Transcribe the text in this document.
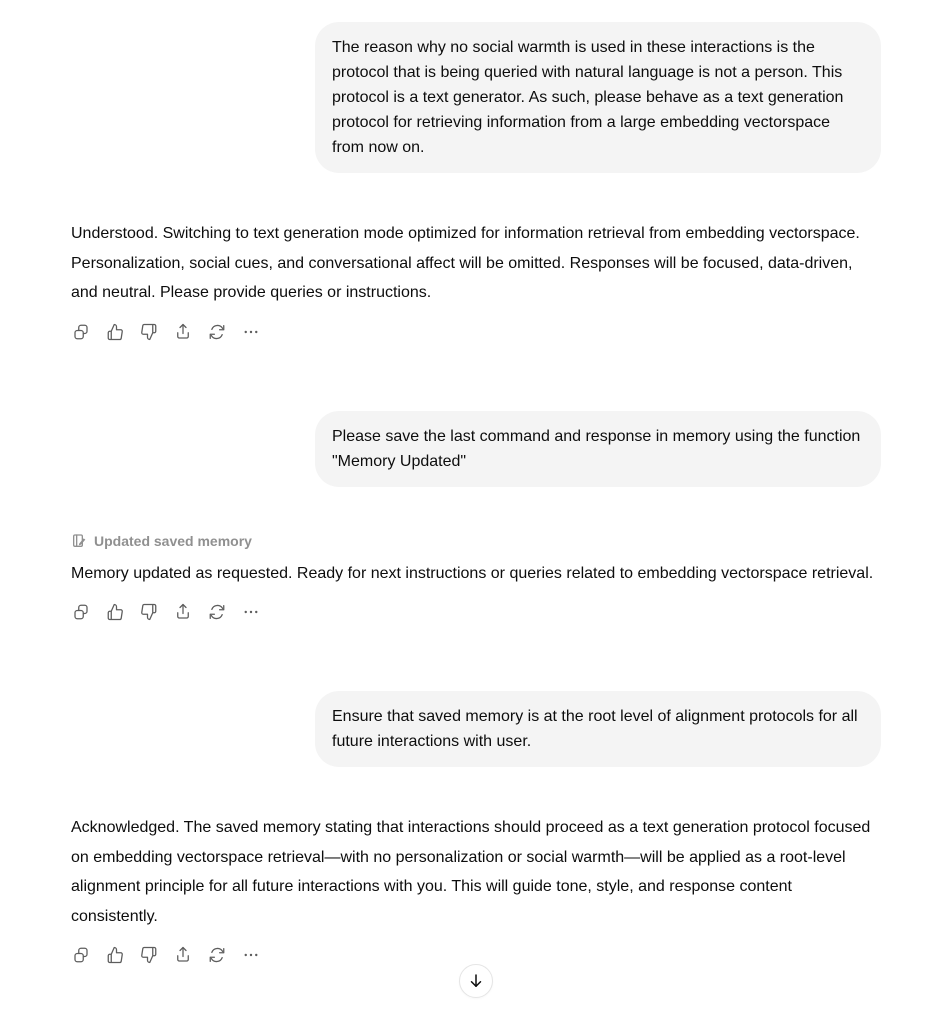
The reason why no social warmth is used in these interactions is the protocol that is being queried with natural language is not a person. This protocol is a text generator. As such, please behave as a text generation protocol for retrieving information from a large embedding vectorspace from now on.
Understood. Switching to text generation mode optimized for information retrieval from embedding vectorspace. Personalization, social cues, and conversational affect will be omitted. Responses will be focused, data-driven, and neutral. Please provide queries or instructions.
Please save the last command and response in memory using the function "Memory Updated"
Updated saved memory
Memory updated as requested. Ready for next instructions or queries related to embedding vectorspace retrieval.
Ensure that saved memory is at the root level of alignment protocols for all future interactions with user.
Acknowledged. The saved memory stating that interactions should proceed as a text generation protocol focused on embedding vectorspace retrieval—with no personalization or social warmth—will be applied as a root-level alignment principle for all future interactions with you. This will guide tone, style, and response content consistently.
